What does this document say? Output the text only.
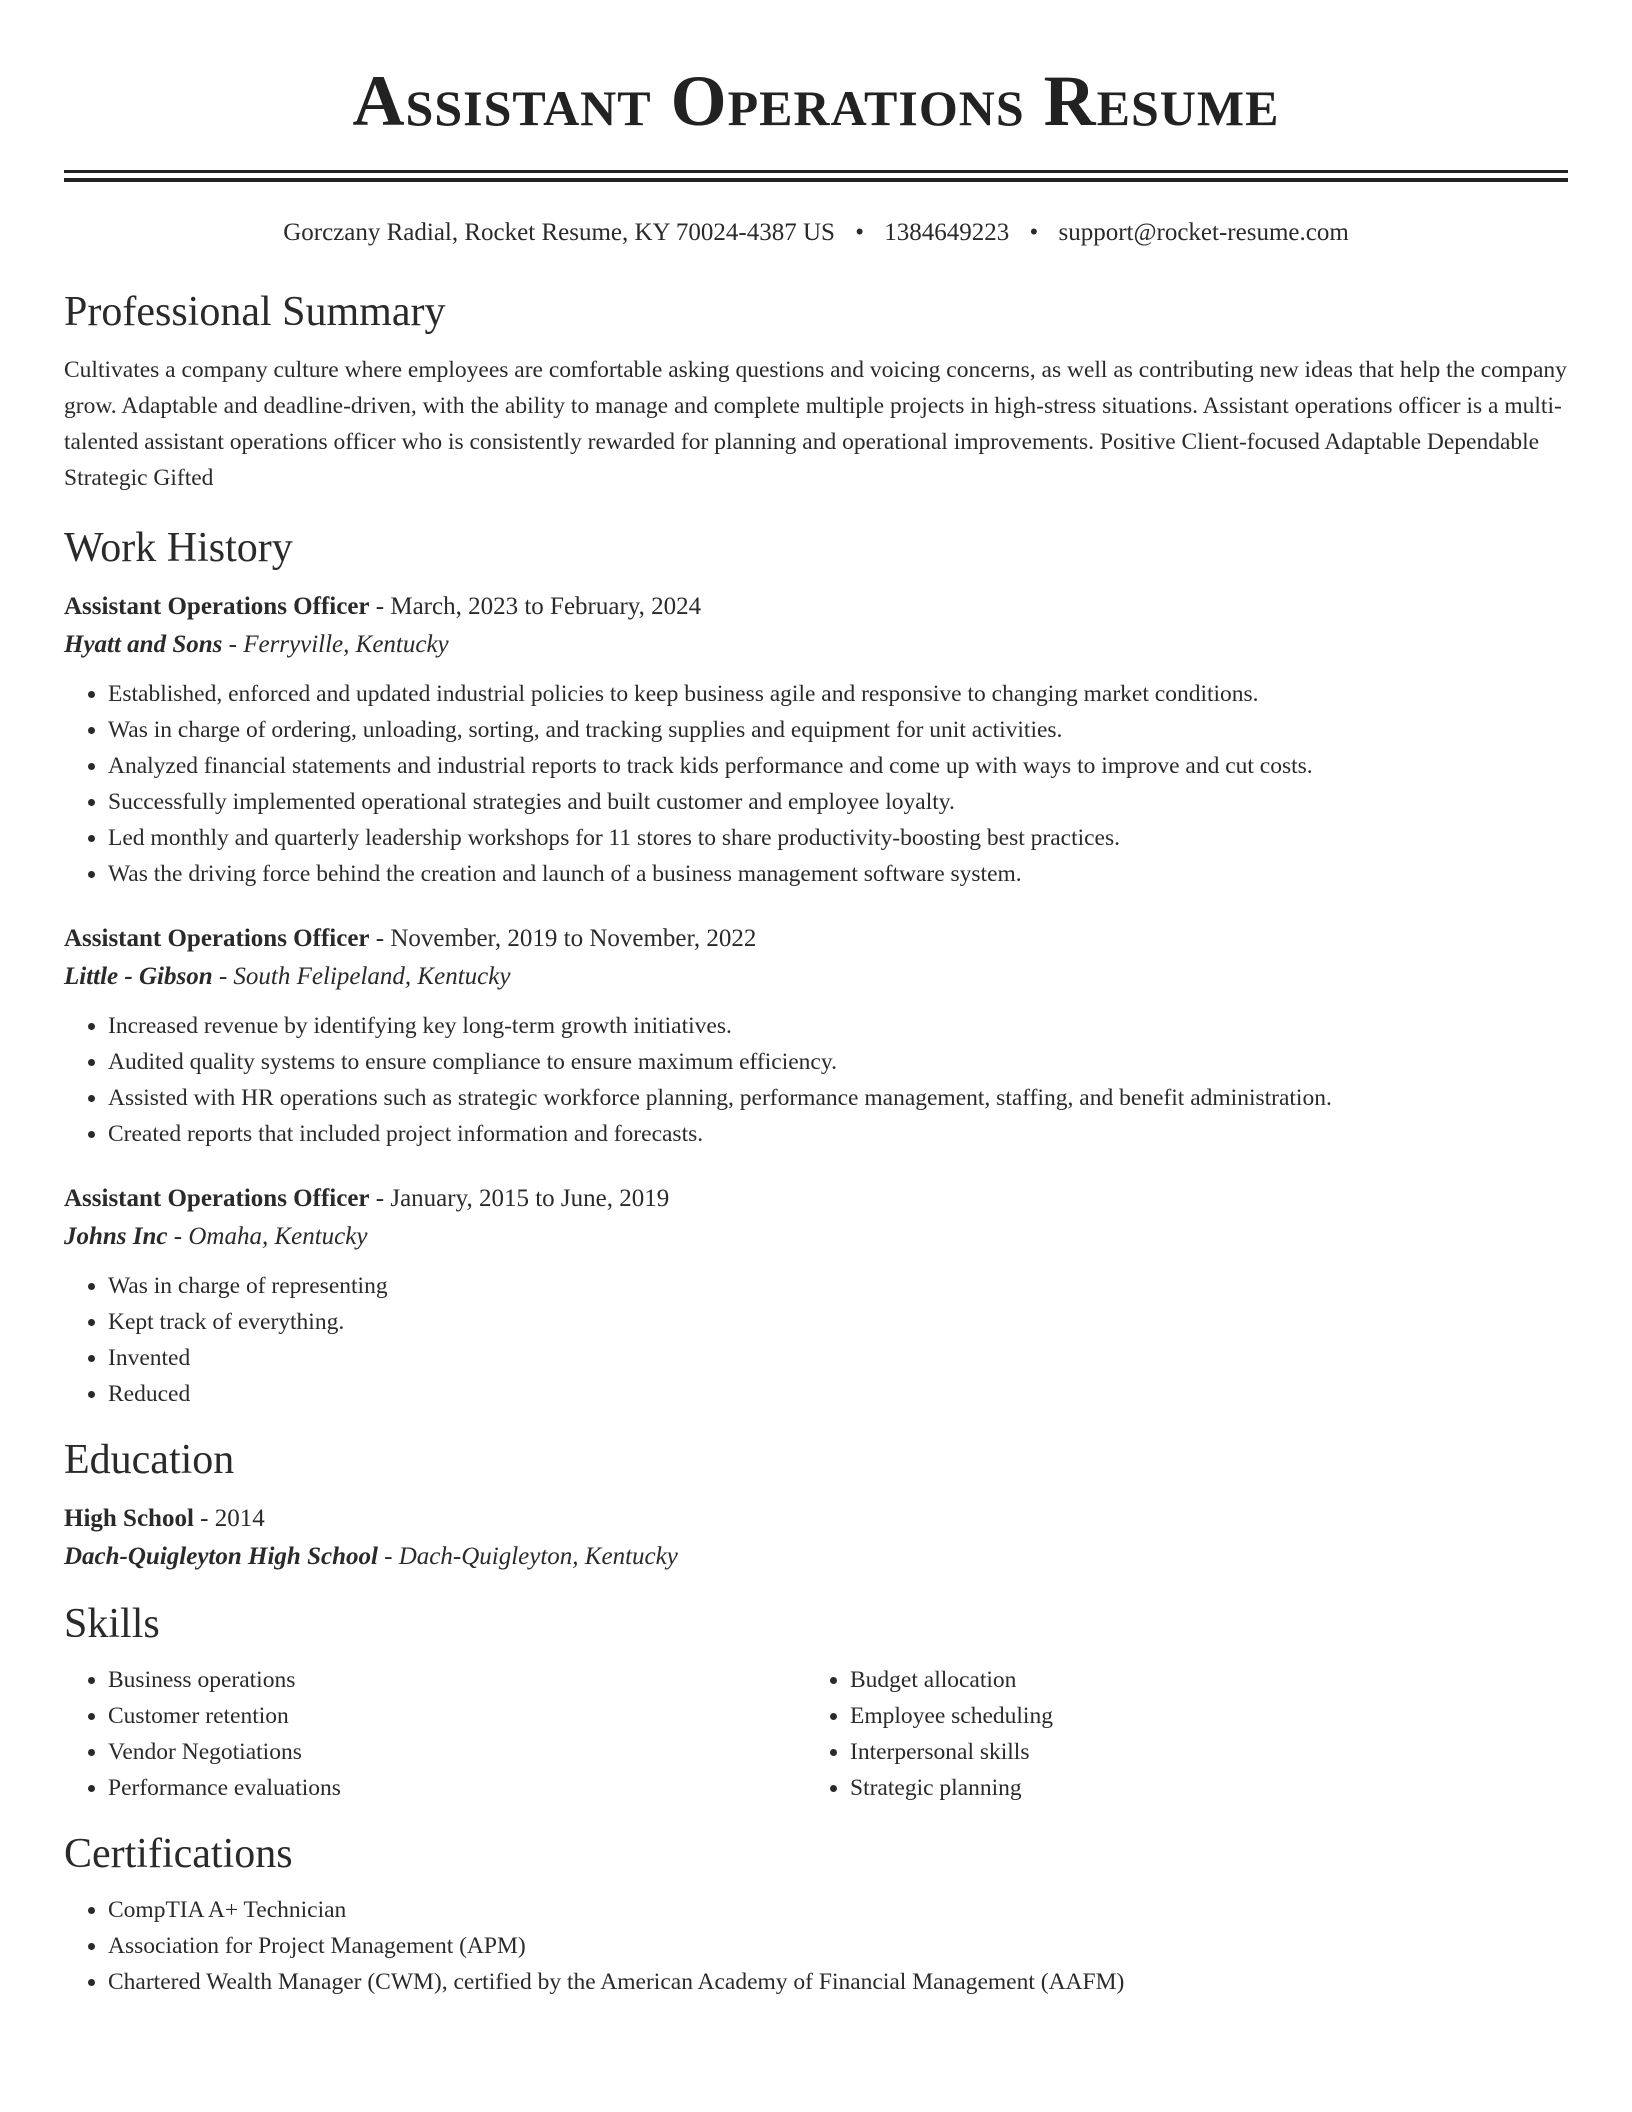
Assistant Operations Resume
Gorczany Radial, Rocket Resume, KY 70024-4387 US • 1384649223 • support@rocket-resume.com
Professional Summary
Cultivates a company culture where employees are comfortable asking questions and voicing concerns, as well as contributing new ideas that help the company grow. Adaptable and deadline-driven, with the ability to manage and complete multiple projects in high-stress situations. Assistant operations officer is a multi-talented assistant operations officer who is consistently rewarded for planning and operational improvements. Positive Client-focused Adaptable Dependable Strategic Gifted
Work History
Assistant Operations Officer - March, 2023 to February, 2024
Hyatt and Sons - Ferryville, Kentucky
• Established, enforced and updated industrial policies to keep business agile and responsive to changing market conditions.
• Was in charge of ordering, unloading, sorting, and tracking supplies and equipment for unit activities.
• Analyzed financial statements and industrial reports to track kids performance and come up with ways to improve and cut costs.
• Successfully implemented operational strategies and built customer and employee loyalty.
• Led monthly and quarterly leadership workshops for 11 stores to share productivity-boosting best practices.
• Was the driving force behind the creation and launch of a business management software system.
Assistant Operations Officer - November, 2019 to November, 2022
Little - Gibson - South Felipeland, Kentucky
• Increased revenue by identifying key long-term growth initiatives.
• Audited quality systems to ensure compliance to ensure maximum efficiency.
• Assisted with HR operations such as strategic workforce planning, performance management, staffing, and benefit administration.
• Created reports that included project information and forecasts.
Assistant Operations Officer - January, 2015 to June, 2019
Johns Inc - Omaha, Kentucky
• Was in charge of representing
• Kept track of everything.
• Invented
• Reduced
Education
High School - 2014
Dach-Quigleyton High School - Dach-Quigleyton, Kentucky
Skills
• Business operations
• Customer retention
• Vendor Negotiations
• Performance evaluations
• Budget allocation
• Employee scheduling
• Interpersonal skills
• Strategic planning
Certifications
• CompTIA A+ Technician
• Association for Project Management (APM)
• Chartered Wealth Manager (CWM), certified by the American Academy of Financial Management (AAFM)
